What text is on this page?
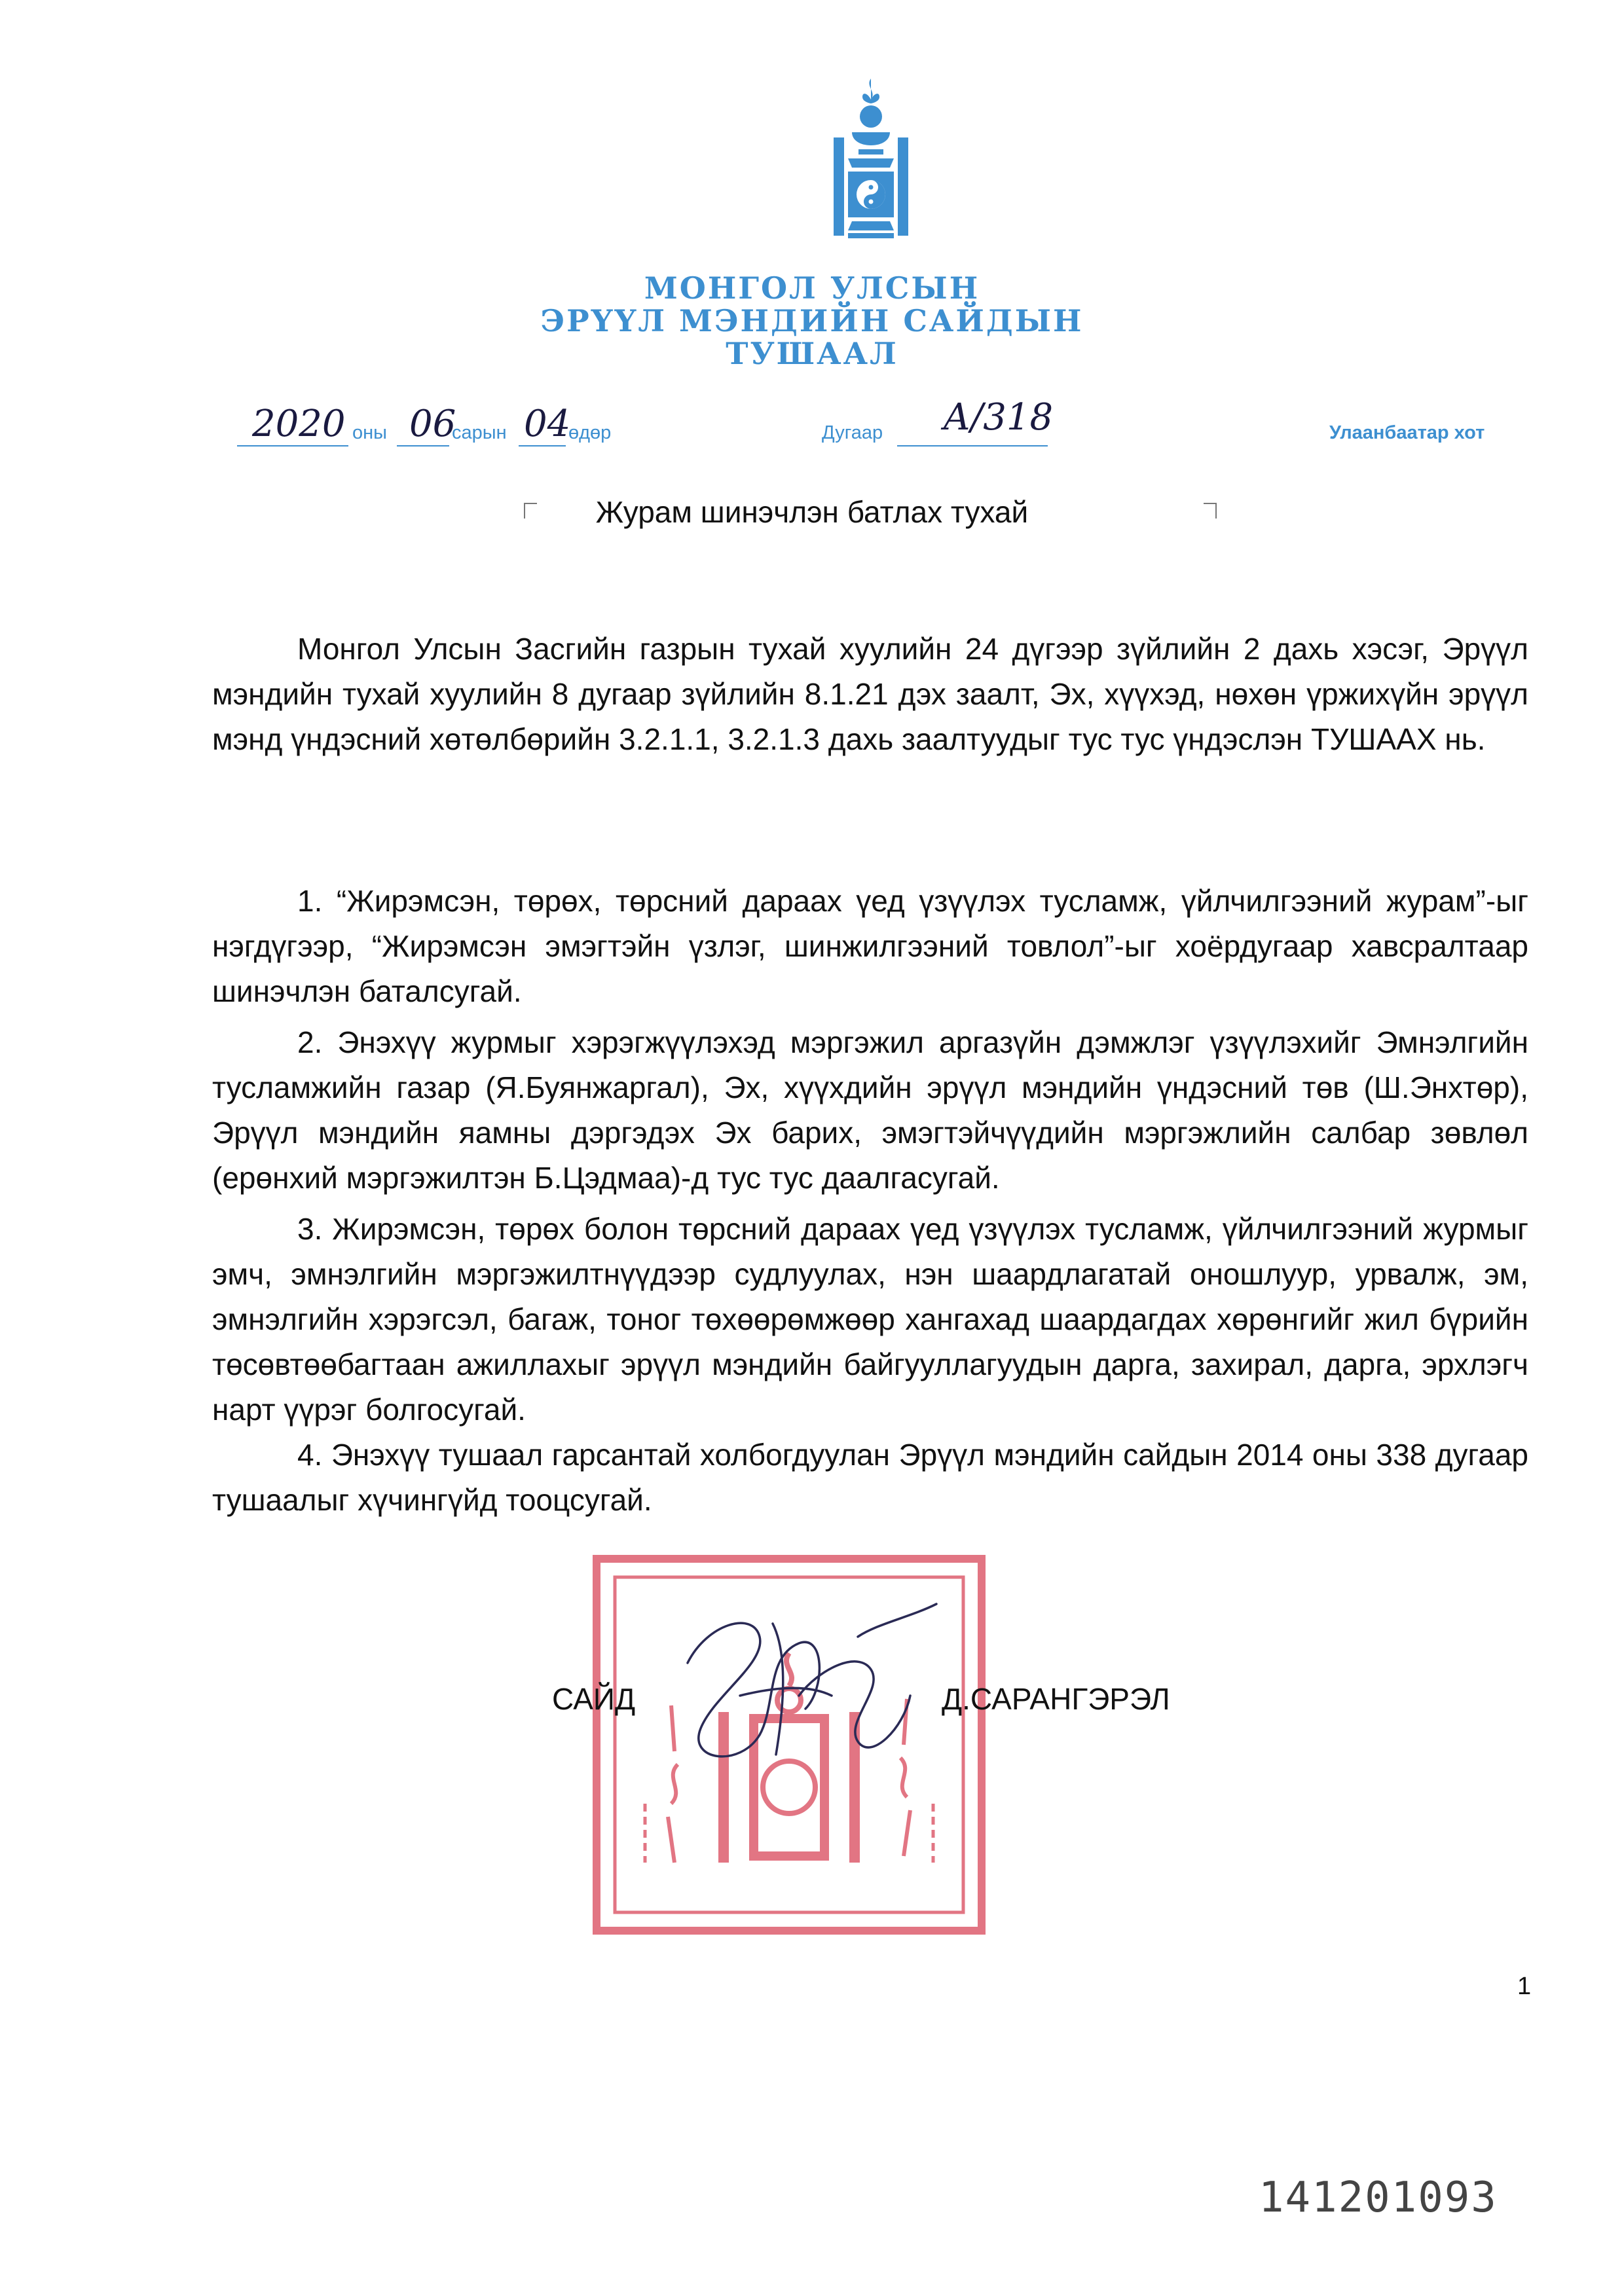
МОНГОЛ УЛСЫН
ЭРҮҮЛ МЭНДИЙН САЙДЫН
ТУШААЛ
2020 оны 06
сарын 04
өдөр	Дугаар А/318	Улаанбаатар хот
Журам шинэчлэн батлах тухай

Монгол Улсын Засгийн газрын тухай хуулийн 24 дүгээр зүйлийн 2 дахь хэсэг, Эрүүл мэндийн тухай хуулийн 8 дугаар зүйлийн 8.1.21 дэх заалт, Эх, хүүхэд, нөхөн үржихүйн эрүүл мэнд үндэсний хөтөлбөрийн 3.2.1.1, 3.2.1.3 дахь заалтуудыг тус тус үндэслэн ТУШААХ нь.

1. “Жирэмсэн, төрөх, төрсний дараах үед үзүүлэх тусламж, үйлчилгээний журам”-ыг нэгдүгээр, “Жирэмсэн эмэгтэйн үзлэг, шинжилгээний товлол”-ыг хоёрдугаар хавсралтаар шинэчлэн баталсугай.

2. Энэхүү журмыг хэрэгжүүлэхэд мэргэжил аргазүйн дэмжлэг үзүүлэхийг Эмнэлгийн тусламжийн газар (Я.Буянжаргал), Эх, хүүхдийн эрүүл мэндийн үндэсний төв (Ш.Энхтөр), Эрүүл мэндийн яамны дэргэдэх Эх барих, эмэгтэйчүүдийн мэргэжлийн салбар зөвлөл (ерөнхий мэргэжилтэн Б.Цэдмаа)-д тус тус даалгасугай.

3. Жирэмсэн, төрөх болон төрсний дараах үед үзүүлэх тусламж, үйлчилгээний журмыг эмч, эмнэлгийн мэргэжилтнүүдээр судлуулах, нэн шаардлагатай оношлуур, урвалж, эм, эмнэлгийн хэрэгсэл, багаж, тоног төхөөрөмжөөр хангахад шаардагдах хөрөнгийг жил бүрийн төсөвтөөбагтаан ажиллахыг эрүүл мэндийн байгууллагуудын дарга, захирал, дарга, эрхлэгч нарт үүрэг болгосугай.

4. Энэхүү тушаал гарсантай холбогдуулан Эрүүл мэндийн сайдын 2014 оны 338 дугаар тушаалыг хүчингүйд тооцсугай.

САЙД	Д.САРАНГЭРЭЛ
1
141201093
